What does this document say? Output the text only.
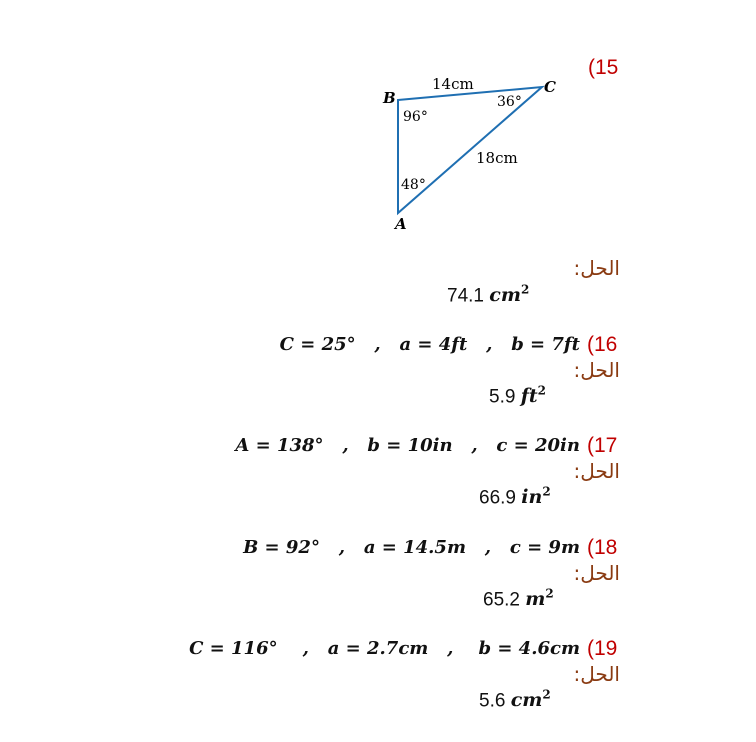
(15
B
C
A
14cm
18cm
96°
36°
48°
الحل:
74.1 $cm^2$
(16
C = 25°   ,   a = 4ft   ,   b = 7ft
الحل:
5.9 $ft^2$
(17
A = 138°   ,   b = 10in   ,   c = 20in
الحل:
66.9 $in^2$
(18
B = 92°   ,   a = 14.5m   ,   c = 9m
الحل:
65.2 $m^2$
(19
C = 116°    ,   a = 2.7cm   ,    b = 4.6cm
الحل:
5.6 $cm^2$
